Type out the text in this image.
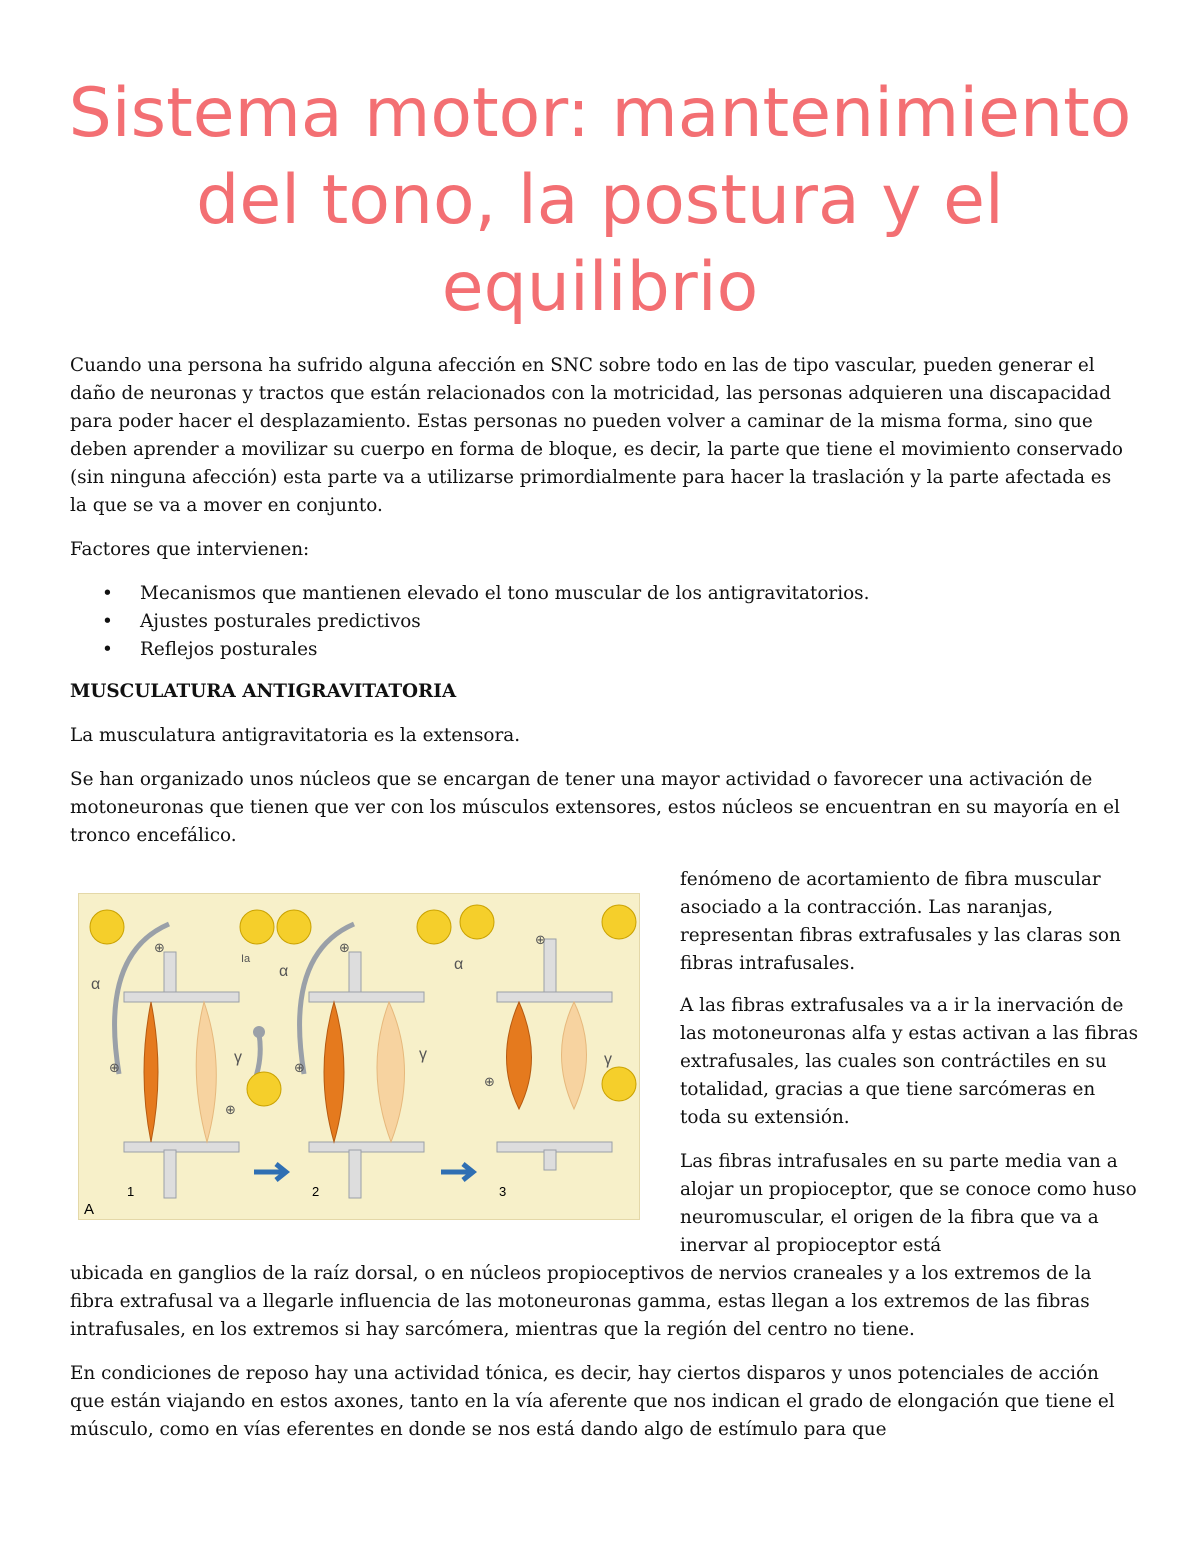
Sistema motor: mantenimiento del tono, la postura y el equilibrio

Cuando una persona ha sufrido alguna afección en SNC sobre todo en las de tipo vascular, pueden generar el daño de neuronas y tractos que están relacionados con la motricidad, las personas adquieren una discapacidad para poder hacer el desplazamiento. Estas personas no pueden volver a caminar de la misma forma, sino que deben aprender a movilizar su cuerpo en forma de bloque, es decir, la parte que tiene el movimiento conservado (sin ninguna afección) esta parte va a utilizarse primordialmente para hacer la traslación y la parte afectada es la que se va a mover en conjunto.

Factores que intervienen:

• Mecanismos que mantienen elevado el tono muscular de los antigravitatorios.
• Ajustes posturales predictivos
• Reflejos posturales

MUSCULATURA ANTIGRAVITATORIA

La musculatura antigravitatoria es la extensora.

Se han organizado unos núcleos que se encargan de tener una mayor actividad o favorecer una activación de motoneuronas que tienen que ver con los músculos extensores, estos núcleos se encuentran en su mayoría en el tronco encefálico.

A
1	2	3
α
α	α
γ	γ	γ
Ia
⊕
⊕
⊕
⊕
⊕
⊕
⊕

fenómeno de acortamiento de fibra muscular asociado a la contracción. Las naranjas, representan fibras extrafusales y las claras son fibras intrafusales.

A las fibras extrafusales va a ir la inervación de las motoneuronas alfa y estas activan a las fibras extrafusales, las cuales son contráctiles en su totalidad, gracias a que tiene sarcómeras en toda su extensión.

Las fibras intrafusales en su parte media van a alojar un propioceptor, que se conoce como huso neuromuscular, el origen de la fibra que va a inervar al propioceptor está

ubicada en ganglios de la raíz dorsal, o en núcleos propioceptivos de nervios craneales y a los extremos de la fibra extrafusal va a llegarle influencia de las motoneuronas gamma, estas llegan a los extremos de las fibras intrafusales, en los extremos si hay sarcómera, mientras que la región del centro no tiene.

En condiciones de reposo hay una actividad tónica, es decir, hay ciertos disparos y unos potenciales de acción que están viajando en estos axones, tanto en la vía aferente que nos indican el grado de elongación que tiene el músculo, como en vías eferentes en donde se nos está dando algo de estímulo para que
